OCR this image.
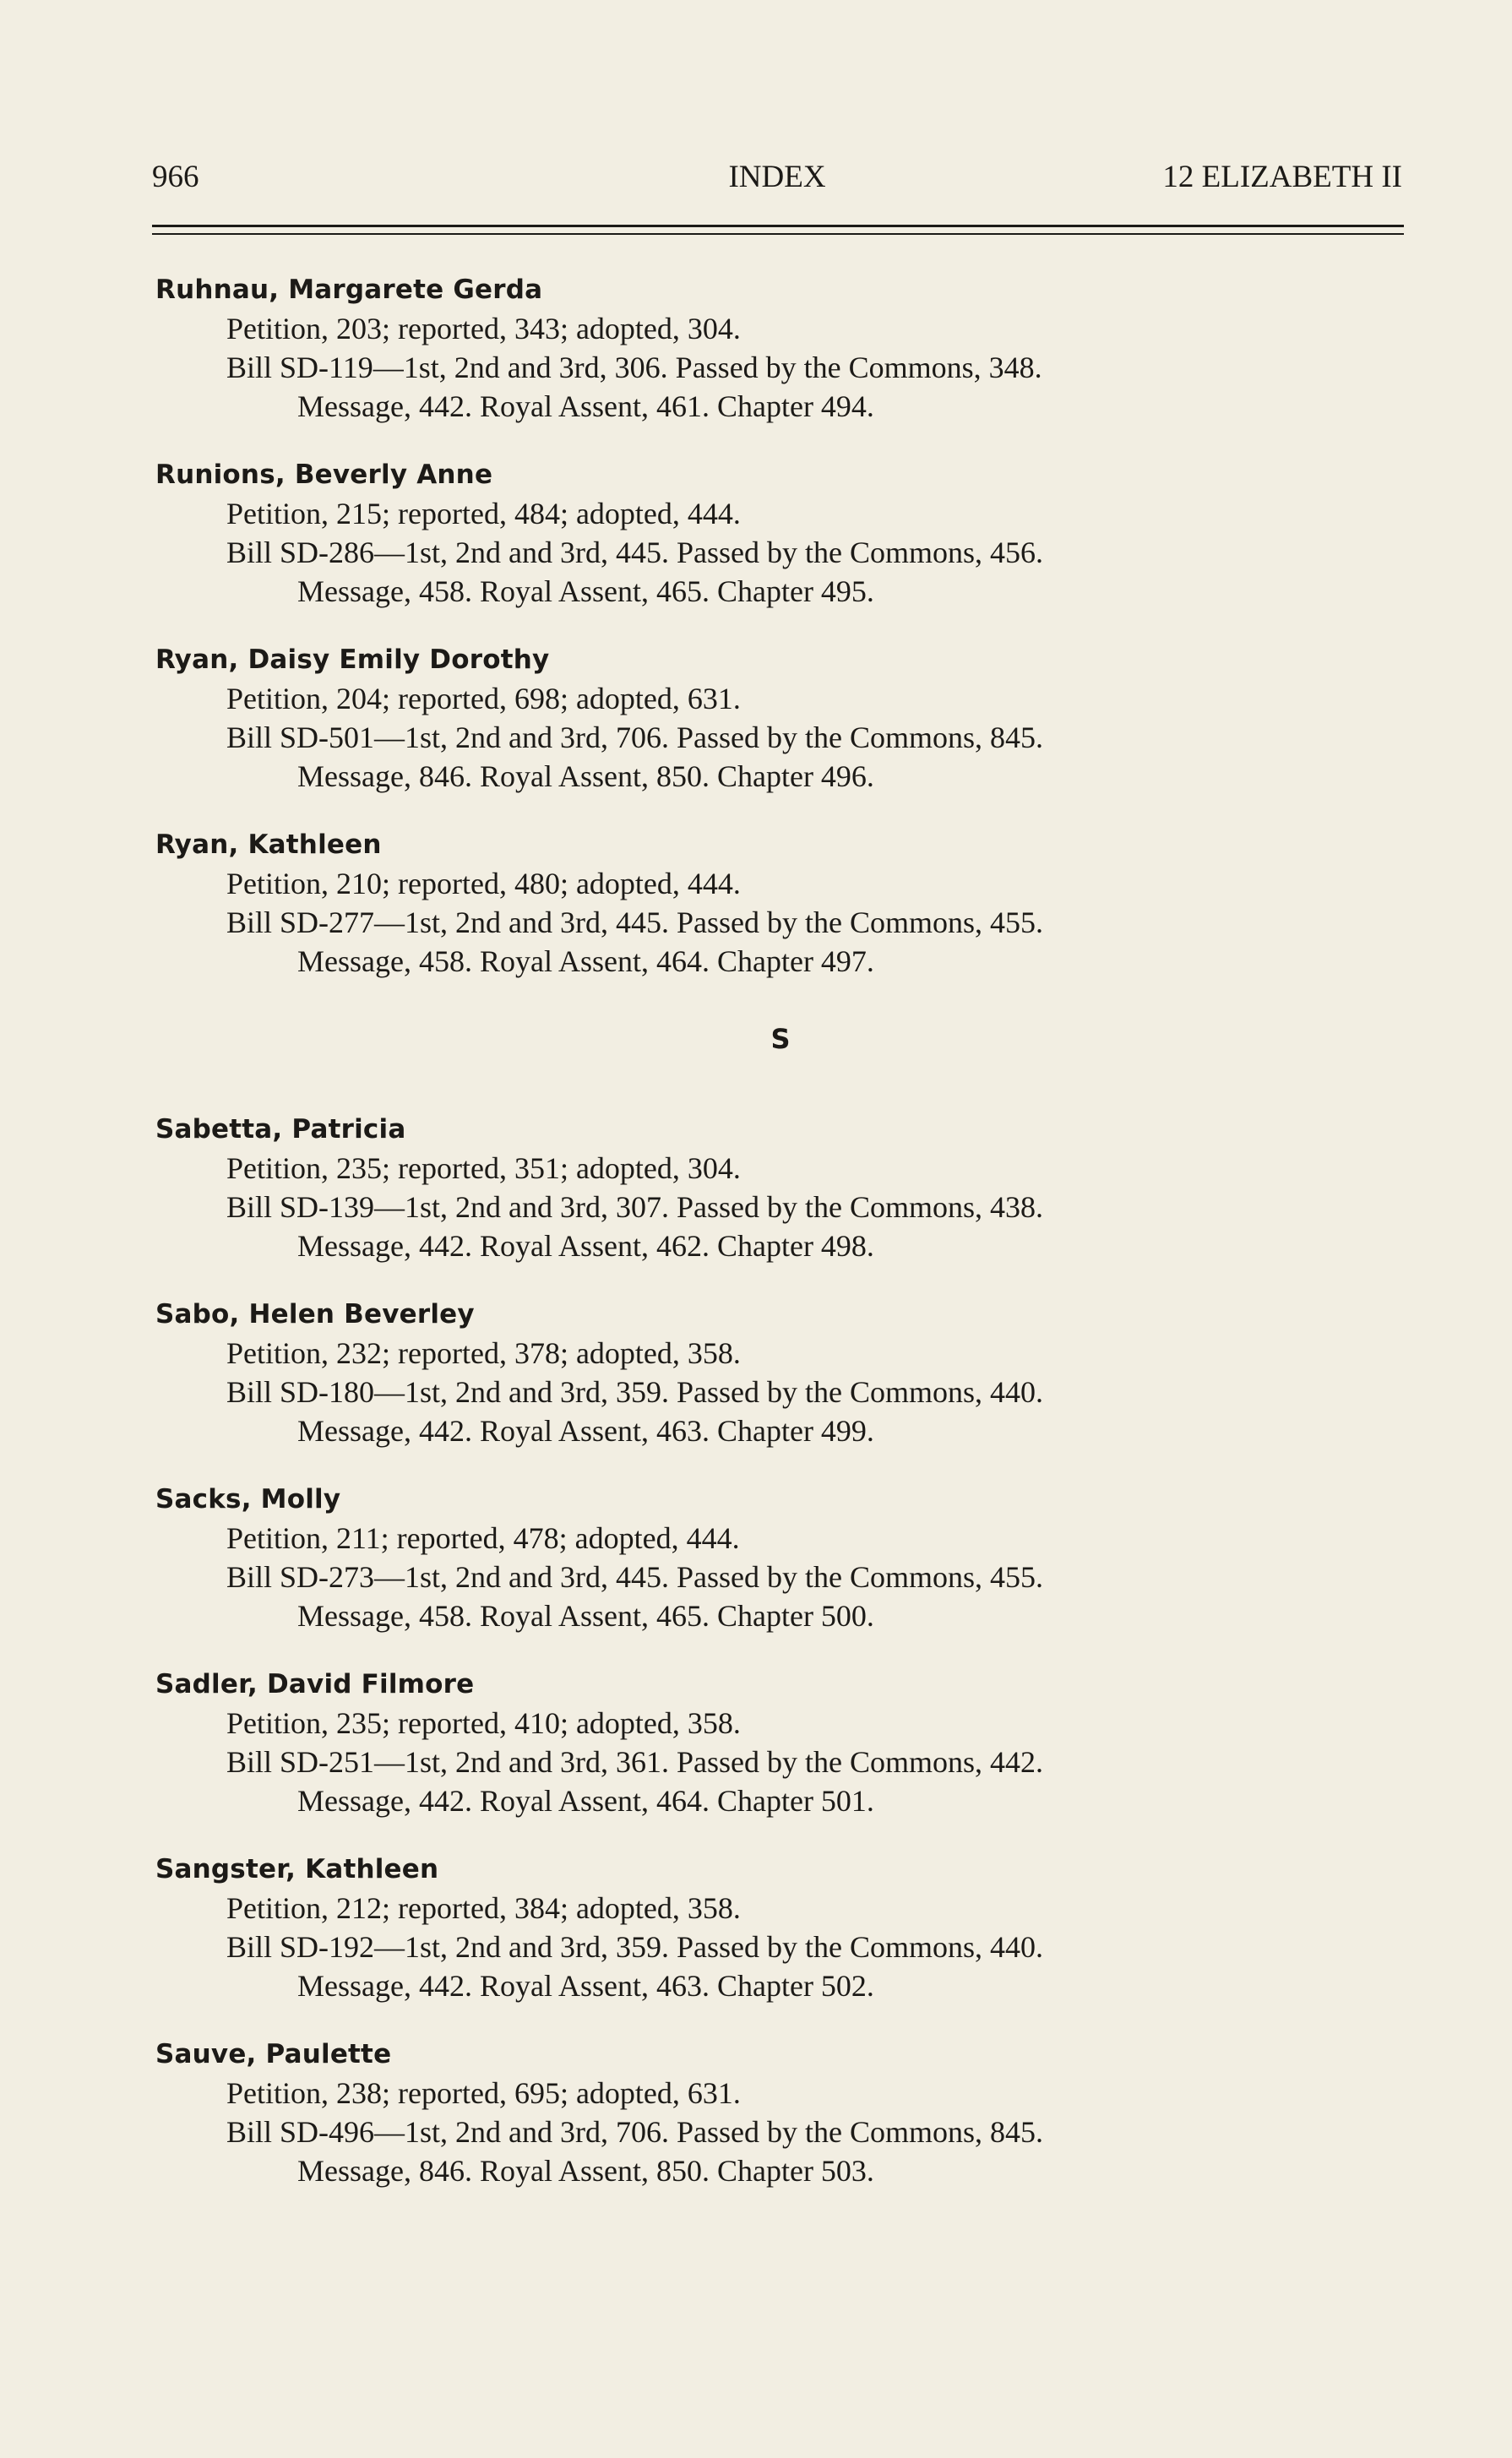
966	INDEX	12 ELIZABETH II
Ruhnau, Margarete Gerda
Petition, 203; reported, 343; adopted, 304.
Bill SD-119—1st, 2nd and 3rd, 306. Passed by the Commons, 348.
Message, 442. Royal Assent, 461. Chapter 494.
Runions, Beverly Anne
Petition, 215; reported, 484; adopted, 444.
Bill SD-286—1st, 2nd and 3rd, 445. Passed by the Commons, 456.
Message, 458. Royal Assent, 465. Chapter 495.
Ryan, Daisy Emily Dorothy
Petition, 204; reported, 698; adopted, 631.
Bill SD-501—1st, 2nd and 3rd, 706. Passed by the Commons, 845.
Message, 846. Royal Assent, 850. Chapter 496.
Ryan, Kathleen
Petition, 210; reported, 480; adopted, 444.
Bill SD-277—1st, 2nd and 3rd, 445. Passed by the Commons, 455.
Message, 458. Royal Assent, 464. Chapter 497.
S
Sabetta, Patricia
Petition, 235; reported, 351; adopted, 304.
Bill SD-139—1st, 2nd and 3rd, 307. Passed by the Commons, 438.
Message, 442. Royal Assent, 462. Chapter 498.
Sabo, Helen Beverley
Petition, 232; reported, 378; adopted, 358.
Bill SD-180—1st, 2nd and 3rd, 359. Passed by the Commons, 440.
Message, 442. Royal Assent, 463. Chapter 499.
Sacks, Molly
Petition, 211; reported, 478; adopted, 444.
Bill SD-273—1st, 2nd and 3rd, 445. Passed by the Commons, 455.
Message, 458. Royal Assent, 465. Chapter 500.
Sadler, David Filmore
Petition, 235; reported, 410; adopted, 358.
Bill SD-251—1st, 2nd and 3rd, 361. Passed by the Commons, 442.
Message, 442. Royal Assent, 464. Chapter 501.
Sangster, Kathleen
Petition, 212; reported, 384; adopted, 358.
Bill SD-192—1st, 2nd and 3rd, 359. Passed by the Commons, 440.
Message, 442. Royal Assent, 463. Chapter 502.
Sauve, Paulette
Petition, 238; reported, 695; adopted, 631.
Bill SD-496—1st, 2nd and 3rd, 706. Passed by the Commons, 845.
Message, 846. Royal Assent, 850. Chapter 503.
